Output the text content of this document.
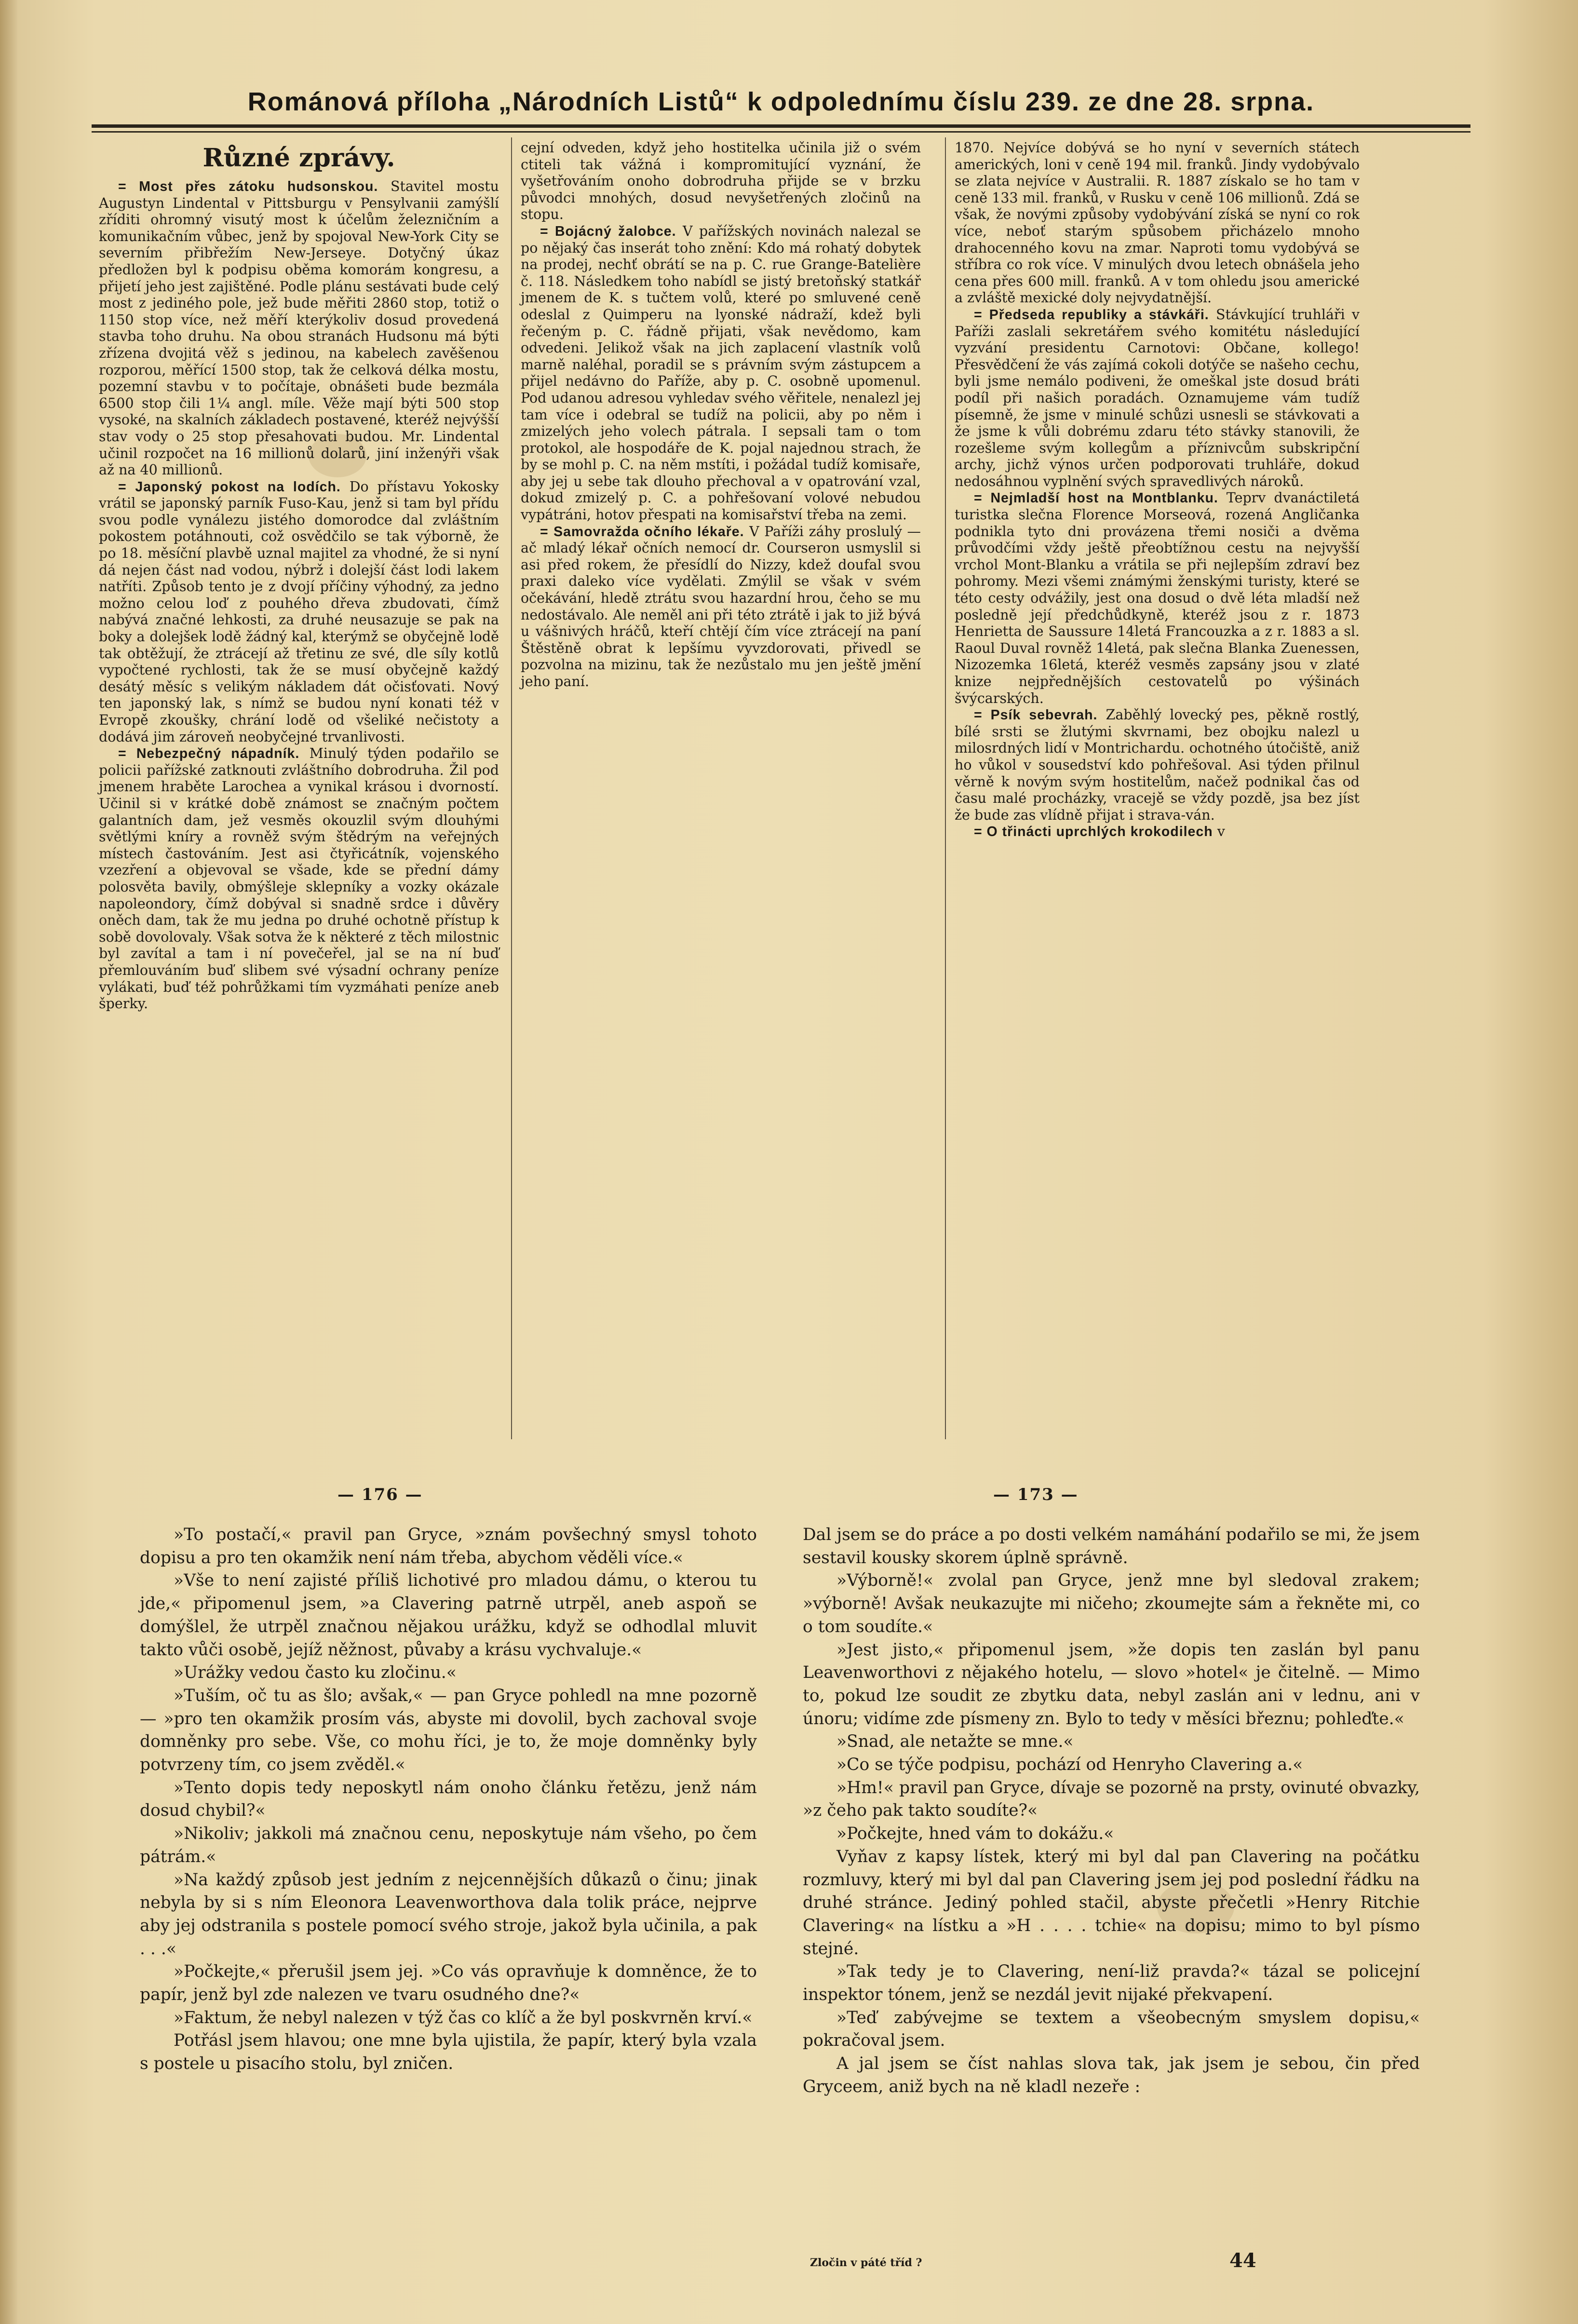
Románová příloha „Národních Listů“ k odpolednímu číslu 239. ze dne 28. srpna.

Různé zprávy.

= Most přes zátoku hudsonskou. Stavitel mostu Augustyn Lindental v Pittsburgu v Pensylvanii zamýšlí zříditi ohromný visutý most k účelům železničním a komunikačním vůbec, jenž by spojoval New-York City se severním přibřežím New-Jerseye. Dotyčný úkaz předložen byl k podpisu oběma komorám kongresu, a přijetí jeho jest zajištěné. Podle plánu sestávati bude celý most z jediného pole, jež bude měřiti 2860 stop, totiž o 1150 stop více, než měří kterýkoliv dosud provedená stavba toho druhu. Na obou stranách Hudsonu má býti zřízena dvojitá věž s jedinou, na kabelech zavěšenou rozporou, měřící 1500 stop, tak že celková délka mostu, pozemní stavbu v to počítaje, obnášeti bude bezmála 6500 stop čili 1¼ angl. míle. Věže mají býti 500 stop vysoké, na skalních základech postavené, kteréž nejvýšší stav vody o 25 stop přesahovati budou. Mr. Lindental učinil rozpočet na 16 millionů dolarů, jiní inženýři však až na 40 millionů.

= Japonský pokost na lodích. Do přístavu Yokosky vrátil se japonský parník Fuso-Kau, jenž si tam byl přídu svou podle vynálezu jistého domorodce dal zvláštním pokostem potáhnouti, což osvědčilo se tak výborně, že po 18. měsíční plavbě uznal majitel za vhodné, že si nyní dá nejen část nad vodou, nýbrž i dolejší část lodi lakem natříti. Způsob tento je z dvojí příčiny výhodný, za jedno možno celou loď z pouhého dřeva zbudovati, čímž nabývá značné lehkosti, za druhé neusazuje se pak na boky a dolejšek lodě žádný kal, kterýmž se obyčejně lodě tak obtěžují, že ztrácejí až třetinu ze své, dle síly kotlů vypočtené rychlosti, tak že se musí obyčejně každý desátý měsíc s velikým nákladem dát očisťovati. Nový ten japonský lak, s nímž se budou nyní konati též v Evropě zkoušky, chrání lodě od všeliké nečistoty a dodává jim zároveň neobyčejné trvanlivosti.

= Nebezpečný nápadník. Minulý týden podařilo se policii pařížské zatknouti zvláštního dobrodruha. Žil pod jmenem hraběte Larochea a vynikal krásou i dvorností. Učinil si v krátké době známost se značným počtem galantních dam, jež vesměs okouzlil svým dlouhými světlými kníry a rovněž svým štědrým na veřejných místech častováním. Jest asi čtyřicátník, vojenského vzezření a objevoval se všade, kde se přední dámy polosvěta bavily, obmýšleje sklepníky a vozky okázale napoleondory, čímž dobýval si snadně srdce i důvěry oněch dam, tak že mu jedna po druhé ochotně přístup k sobě dovolovaly. Však sotva že k některé z těch milostnic byl zavítal a tam i ní povečeřel, jal se na ní buď přemlouváním buď slibem své výsadní ochrany peníze vylákati, buď též pohrůžkami tím vyzmáhati peníze aneb šperky.

cejní odveden, když jeho hostitelka učinila již o svém ctiteli tak vážná i kompromitující vyznání, že vyšetřováním onoho dobrodruha přijde se v brzku původci mnohých, dosud nevyšetřených zločinů na stopu.

= Bojácný žalobce. V pařížských novinách nalezal se po nějaký čas inserát toho znění: Kdo má rohatý dobytek na prodej, nechť obrátí se na p. C. rue Grange-Batelière č. 118. Následkem toho nabídl se jistý bretoňský statkář jmenem de K. s tučtem volů, které po smluvené ceně odeslal z Quimperu na lyonské nádraží, kdež byli řečeným p. C. řádně přijati, však nevědomo, kam odvedeni. Jelikož však na jich zaplacení vlastník volů marně naléhal, poradil se s právním svým zástupcem a přijel nedávno do Paříže, aby p. C. osobně upomenul. Pod udanou adresou vyhledav svého věřitele, nenalezl jej tam více i odebral se tudíž na policii, aby po něm i zmizelých jeho volech pátrala. I sepsali tam o tom protokol, ale hospodáře de K. pojal najednou strach, že by se mohl p. C. na něm mstíti, i požádal tudíž komisaře, aby jej u sebe tak dlouho přechoval a v opatrování vzal, dokud zmizelý p. C. a pohřešovaní volové nebudou vypátráni, hotov přespati na komisařství třeba na zemi.

= Samovražda očního lékaře. V Paříži záhy proslulý — ač mladý lékař očních nemocí dr. Courseron usmyslil si asi před rokem, že přesídlí do Nizzy, kdež doufal svou praxi daleko více vydělati. Zmýlil se však v svém očekávání, hledě ztrátu svou hazardní hrou, čeho se mu nedostávalo. Ale neměl ani při této ztrátě i jak to již bývá u vášnivých hráčů, kteří chtějí čím více ztrácejí na paní Štěstěně obrat k lepšímu vyvzdorovati, přivedl se pozvolna na mizinu, tak že nezůstalo mu jen ještě jmění jeho paní.

1870. Nejvíce dobývá se ho nyní v severních státech amerických, loni v ceně 194 mil. franků. Jindy vydobývalo se zlata nejvíce v Australii. R. 1887 získalo se ho tam v ceně 133 mil. franků, v Rusku v ceně 106 millionů. Zdá se však, že novými způsoby vydobývání získá se nyní co rok více, neboť starým spůsobem přicházelo mnoho drahocenného kovu na zmar. Naproti tomu vydobývá se stříbra co rok více. V minulých dvou letech obnášela jeho cena přes 600 mill. franků. A v tom ohledu jsou americké a zvláště mexické doly nejvydatnější.

= Předseda republiky a stávkáři. Stávkující truhláři v Paříži zaslali sekretářem svého komitétu následující vyzvání presidentu Carnotovi: Občane, kollego! Přesvědčení že vás zajímá cokoli dotýče se našeho cechu, byli jsme nemálo podiveni, že omeškal jste dosud bráti podíl při našich poradách. Oznamujeme vám tudíž písemně, že jsme v minulé schůzi usnesli se stávkovati a že jsme k vůli dobrému zdaru této stávky stanovili, že rozešleme svým kollegům a příznivcům subskripční archy, jichž výnos určen podporovati truhláře, dokud nedosáhnou vyplnění svých spravedlivých nároků.

= Nejmladší host na Montblanku. Teprv dvanáctiletá turistka slečna Florence Morseová, rozená Angličanka podnikla tyto dni provázena třemi nosiči a dvěma průvodčími vždy ještě přeobtížnou cestu na nejvyšší vrchol Mont-Blanku a vrátila se při nejlepším zdraví bez pohromy. Mezi všemi známými ženskými turisty, které se této cesty odvážily, jest ona dosud o dvě léta mladší než posledně její předchůdkyně, kteréž jsou z r. 1873 Henrietta de Saussure 14letá Francouzka a z r. 1883 a sl. Raoul Duval rovněž 14letá, pak slečna Blanka Zuenessen, Nizozemka 16letá, kteréž vesměs zapsány jsou v zlaté knize nejpřednějších cestovatelů po výšinách švýcarských.

= Psík sebevrah. Zaběhlý lovecký pes, pěkně rostlý, bílé srsti se žlutými skvrnami, bez obojku nalezl u milosrdných lidí v Montrichardu. ochotného útočiště, aniž ho vůkol v sousedství kdo pohřešoval. Asi týden přilnul věrně k novým svým hostitelům, načež podnikal čas od času malé procházky, vracejě se vždy pozdě, jsa bez jíst že bude zas vlídně přijat i strava-ván.

= O třinácti uprchlých krokodilech v

— 176 —	— 173 —

»To postačí,« pravil pan Gryce, »znám povšechný smysl tohoto dopisu a pro ten okamžik není nám třeba, abychom věděli více.«

»Vše to není zajisté příliš lichotivé pro mladou dámu, o kterou tu jde,« připomenul jsem, »a Clavering patrně utrpěl, aneb aspoň se domýšlel, že utrpěl značnou nějakou urážku, když se odhodlal mluvit takto vůči osobě, jejíž něžnost, půvaby a krásu vychvaluje.«

»Urážky vedou často ku zločinu.«

»Tuším, oč tu as šlo; avšak,« — pan Gryce pohledl na mne pozorně — »pro ten okamžik prosím vás, abyste mi dovolil, bych zachoval svoje domněnky pro sebe. Vše, co mohu říci, je to, že moje domněnky byly potvrzeny tím, co jsem zvěděl.«

»Tento dopis tedy neposkytl nám onoho článku řetězu, jenž nám dosud chybil?«

»Nikoliv; jakkoli má značnou cenu, neposkytuje nám všeho, po čem pátrám.«

»Na každý způsob jest jedním z nejcennějších důkazů o činu; jinak nebyla by si s ním Eleonora Leavenworthova dala tolik práce, nejprve aby jej odstranila s postele pomocí svého stroje, jakož byla učinila, a pak . . .«

»Počkejte,« přerušil jsem jej. »Co vás opravňuje k domněnce, že to papír, jenž byl zde nalezen ve tvaru osudného dne?«

»Faktum, že nebyl nalezen v týž čas co klíč a že byl poskvrněn krví.«

Potřásl jsem hlavou; one mne byla ujistila, že papír, který byla vzala s postele u pisacího stolu, byl zničen.

Dal jsem se do práce a po dosti velkém namáhání podařilo se mi, že jsem sestavil kousky skorem úplně správně.

»Výborně!« zvolal pan Gryce, jenž mne byl sledoval zrakem; »výborně! Avšak neukazujte mi ničeho; zkoumejte sám a řekněte mi, co o tom soudíte.«

»Jest jisto,« připomenul jsem, »že dopis ten zaslán byl panu Leavenworthovi z nějakého hotelu, — slovo »hotel« je čitelně. — Mimo to, pokud lze soudit ze zbytku data, nebyl zaslán ani v lednu, ani v únoru; vidíme zde písmeny zn. Bylo to tedy v měsíci březnu; pohleďte.«

»Snad, ale netažte se mne.«

»Co se týče podpisu, pochází od Henryho Clavering a.«

»Hm!« pravil pan Gryce, dívaje se pozorně na prsty, ovinuté obvazky, »z čeho pak takto soudíte?«

»Počkejte, hned vám to dokážu.«

Vyňav z kapsy lístek, který mi byl dal pan Clavering na počátku rozmluvy, který mi byl dal pan Clavering jsem jej pod poslední řádku na druhé stránce. Jediný pohled stačil, abyste přečetli »Henry Ritchie Clavering« na lístku a »H . . . . tchie« na dopisu; mimo to byl písmo stejné.

»Tak tedy je to Clavering, není-liž pravda?« tázal se policejní inspektor tónem, jenž se nezdál jevit nijaké překvapení.

»Teď zabývejme se textem a všeobecným smyslem dopisu,« pokračoval jsem.

A jal jsem se číst nahlas slova tak, jak jsem je sebou, čin před Gryceem, aniž bych na ně kladl nezeře :

Zločin v páté tříd ?	44
